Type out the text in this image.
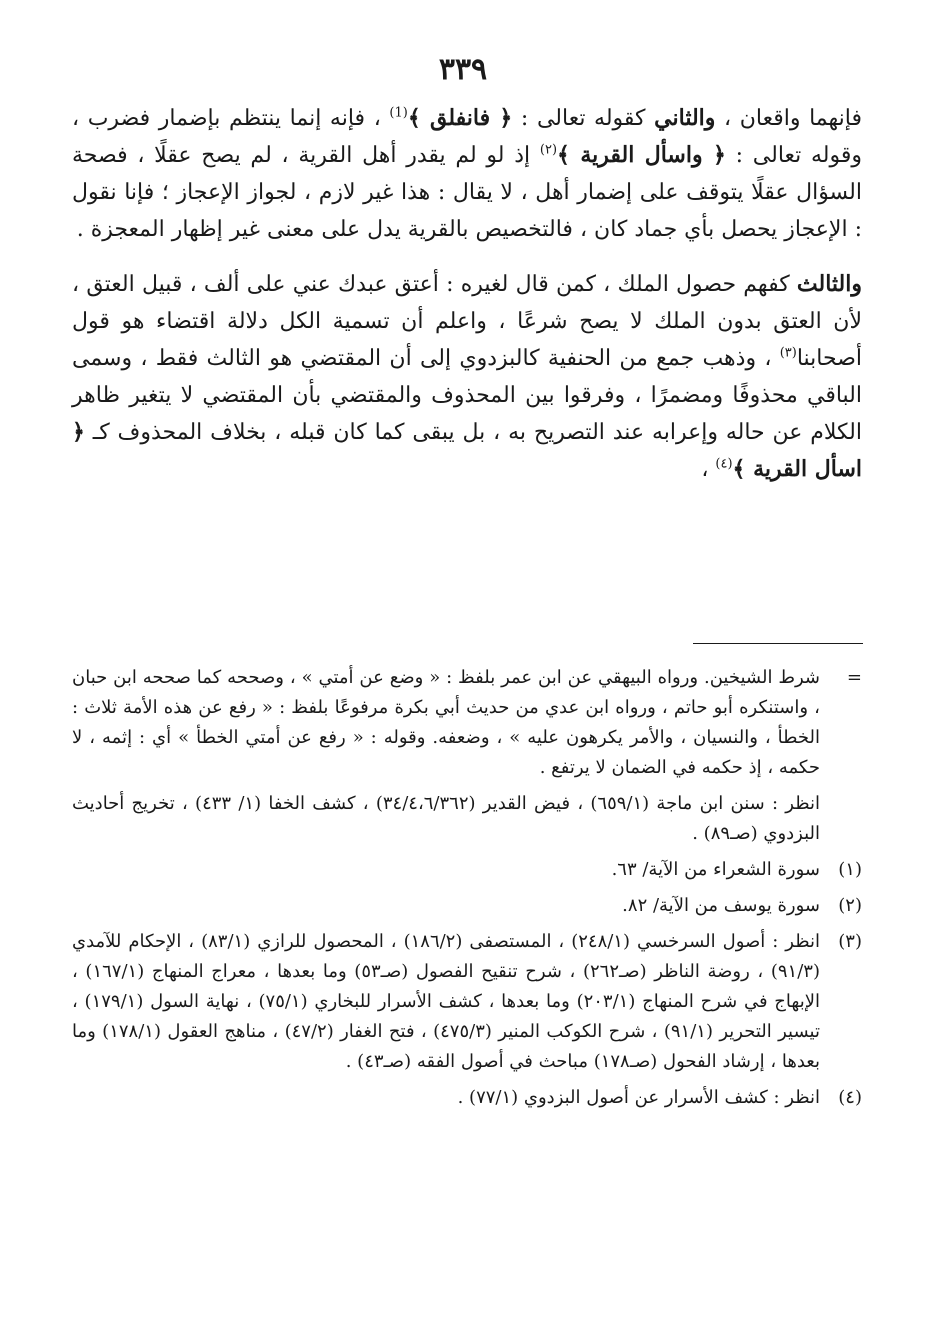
٣٣٩

فإنهما واقعان ، والثاني كقوله تعالى : ﴿ فانفلق ﴾$^{(1)}$ ، فإنه إنما ينتظم بإضمار فضرب ، وقوله تعالى : ﴿ واسأل القرية ﴾$^{(٢)}$ إذ لو لم يقدر أهل القرية ، لم يصح عقلًا ، فصحة السؤال عقلًا يتوقف على إضمار أهل ، لا يقال : هذا غير لازم ، لجواز الإعجاز ؛ فإنا نقول : الإعجاز يحصل بأي جماد كان ، فالتخصيص بالقرية يدل على معنى غير إظهار المعجزة .

والثالث كفهم حصول الملك ، كمن قال لغيره : أعتق عبدك عني على ألف ، قبيل العتق ، لأن العتق بدون الملك لا يصح شرعًا ، واعلم أن تسمية الكل دلالة اقتضاء هو قول أصحابنا$^{(٣)}$ ، وذهب جمع من الحنفية كالبزدوي إلى أن المقتضي هو الثالث فقط ، وسمى الباقي محذوفًا ومضمرًا ، وفرقوا بين المحذوف والمقتضي بأن المقتضي لا يتغير ظاهر الكلام عن حاله وإعرابه عند التصريح به ، بل يبقى كما كان قبله ، بخلاف المحذوف كـ ﴿ اسأل القرية ﴾$^{(٤)}$ ،

=
شرط الشيخين. ورواه البيهقي عن ابن عمر بلفظ : « وضع عن أمتي » ، وصححه كما صححه ابن حبان ، واستنكره أبو حاتم ، ورواه ابن عدي من حديث أبي بكرة مرفوعًا بلفظ : « رفع عن هذه الأمة ثلاث : الخطأ ، والنسيان ، والأمر يكرهون عليه » ، وضعفه. وقوله : « رفع عن أمتي الخطأ » أي : إثمه ، لا حكمه ، إذ حكمه في الضمان لا يرتفع .
انظر : سنن ابن ماجة (٦٥٩/١) ، فيض القدير (٣٤/٤،٦/٣٦٢) ، كشف الخفا (١/ ٤٣٣) ، تخريج أحاديث البزدوي (صـ٨٩) .
(١)
سورة الشعراء من الآية/ ٦٣.
(٢)
سورة يوسف من الآية/ ٨٢.
(٣)
انظر : أصول السرخسي (٢٤٨/١) ، المستصفى (١٨٦/٢) ، المحصول للرازي (٨٣/١) ، الإحكام للآمدي (٩١/٣) ، روضة الناظر (صـ٢٦٢) ، شرح تنقيح الفصول (صـ٥٣) وما بعدها ، معراج المنهاج (١٦٧/١) ، الإبهاج في شرح المنهاج (٢٠٣/١) وما بعدها ، كشف الأسرار للبخاري (٧٥/١) ، نهاية السول (١٧٩/١) ، تيسير التحرير (٩١/١) ، شرح الكوكب المنير (٤٧٥/٣) ، فتح الغفار (٤٧/٢) ، مناهج العقول (١٧٨/١) وما بعدها ، إرشاد الفحول (صـ١٧٨) مباحث في أصول الفقه (صـ٤٣) .
(٤)
انظر : كشف الأسرار عن أصول البزدوي (٧٧/١) .
